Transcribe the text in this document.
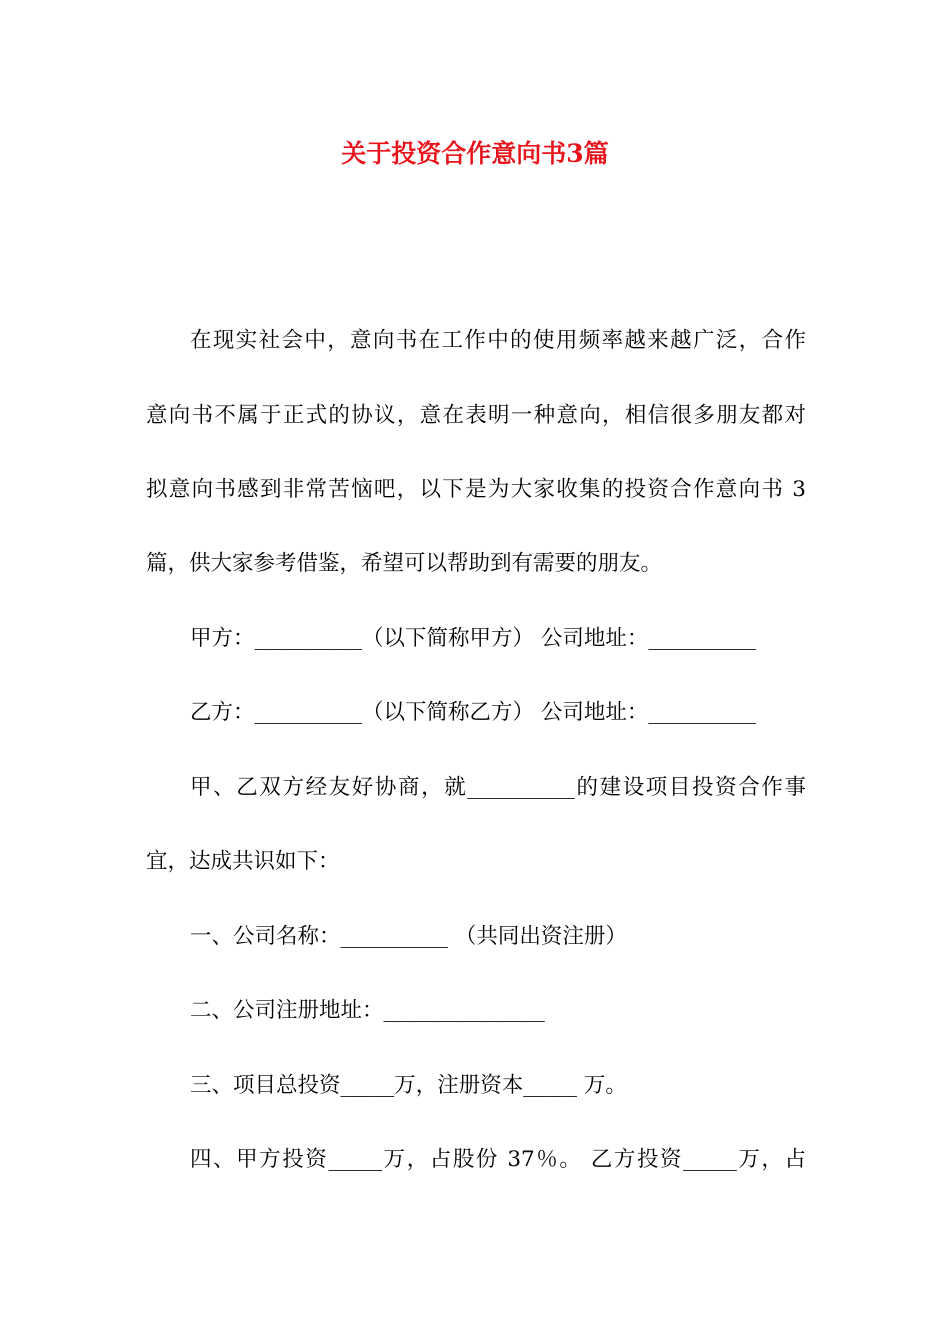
关于投资合作意向书3篇
在现实社会中，意向书在工作中的使用频率越来越广泛，合作
意向书不属于正式的协议，意在表明一种意向，相信很多朋友都对
拟意向书感到非常苦恼吧，以下是为大家收集的投资合作意向书 3
篇，供大家参考借鉴，希望可以帮助到有需要的朋友。
甲方：__________（以下简称甲方） 公司地址：__________
乙方：__________（以下简称乙方） 公司地址：__________
甲、乙双方经友好协商，就__________的建设项目投资合作事
宜，达成共识如下：
一、公司名称：__________ （共同出资注册）
二、公司注册地址：_______________
三、项目总投资_____万，注册资本_____ 万。
四、甲方投资_____万，占股份 37％。 乙方投资_____万，占
